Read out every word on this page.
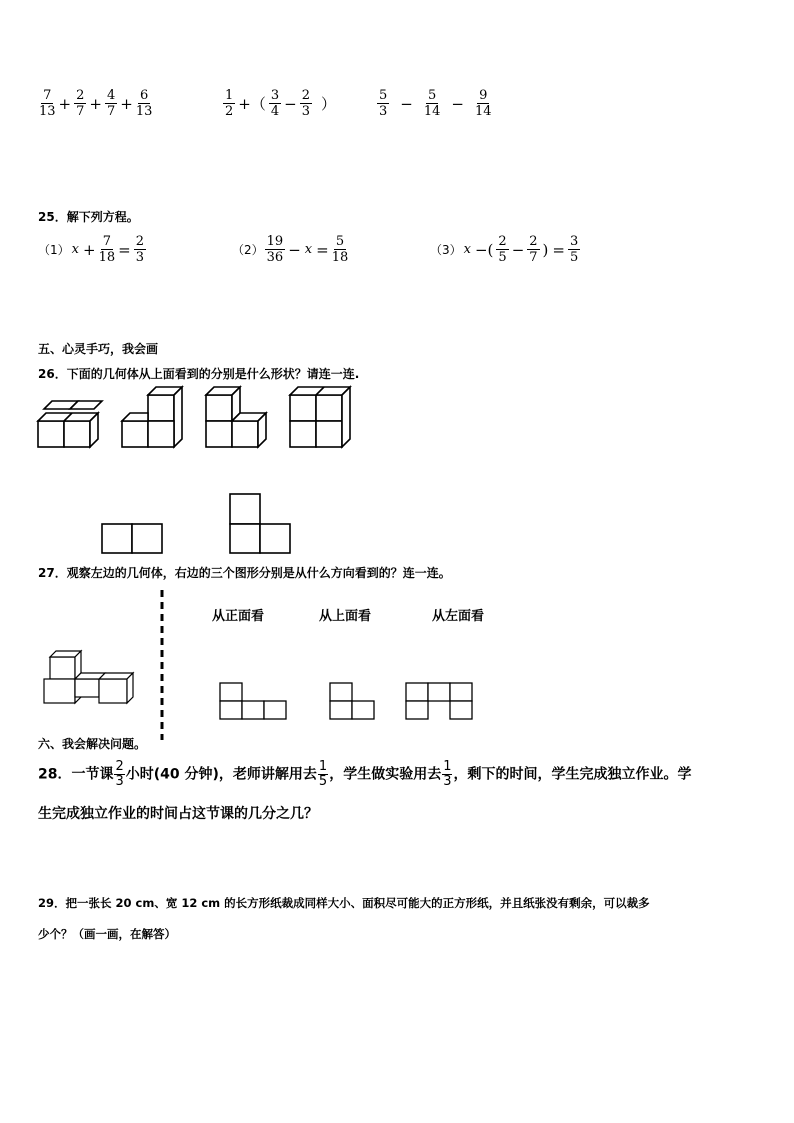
$\frac{7}{13} + \frac{2}{7} + \frac{4}{7} + \frac{6}{13}$	$\frac{1}{2}$ +（ $\frac{3}{4} - \frac{2}{3}$ ）	$\frac{5}{3} - \frac{5}{14} - \frac{9}{14}$
25．解下列方程。
（1） $x + \frac{7}{18} = \frac{2}{3}$	$(2) \frac{19}{36} - x = \frac{5}{18}$	（3） x −( $\frac{2}{5} - \frac{2}{7}$ ) = $\frac{3}{5}$
五、心灵手巧，我会画
26．下面的几何体从上面看到的分别是什么形状？请连一连.
27．观察左边的几何体，右边的三个图形分别是从什么方向看到的？连一连。
从正面看	从上面看	从左面看
六、我会解决问题。
28．一节课 $\frac{2}{3}$ 小时(40 分钟)，老师讲解用去 $\frac{1}{5}$ ，学生做实验用去 $\frac{1}{3}$ ，剩下的时间，学生完成独立作业。学
生完成独立作业的时间占这节课的几分之几？
29．把一张长 20 cm、宽 12 cm 的长方形纸裁成同样大小、面积尽可能大的正方形纸，并且纸张没有剩余，可以裁多
少个？（画一画，在解答）
